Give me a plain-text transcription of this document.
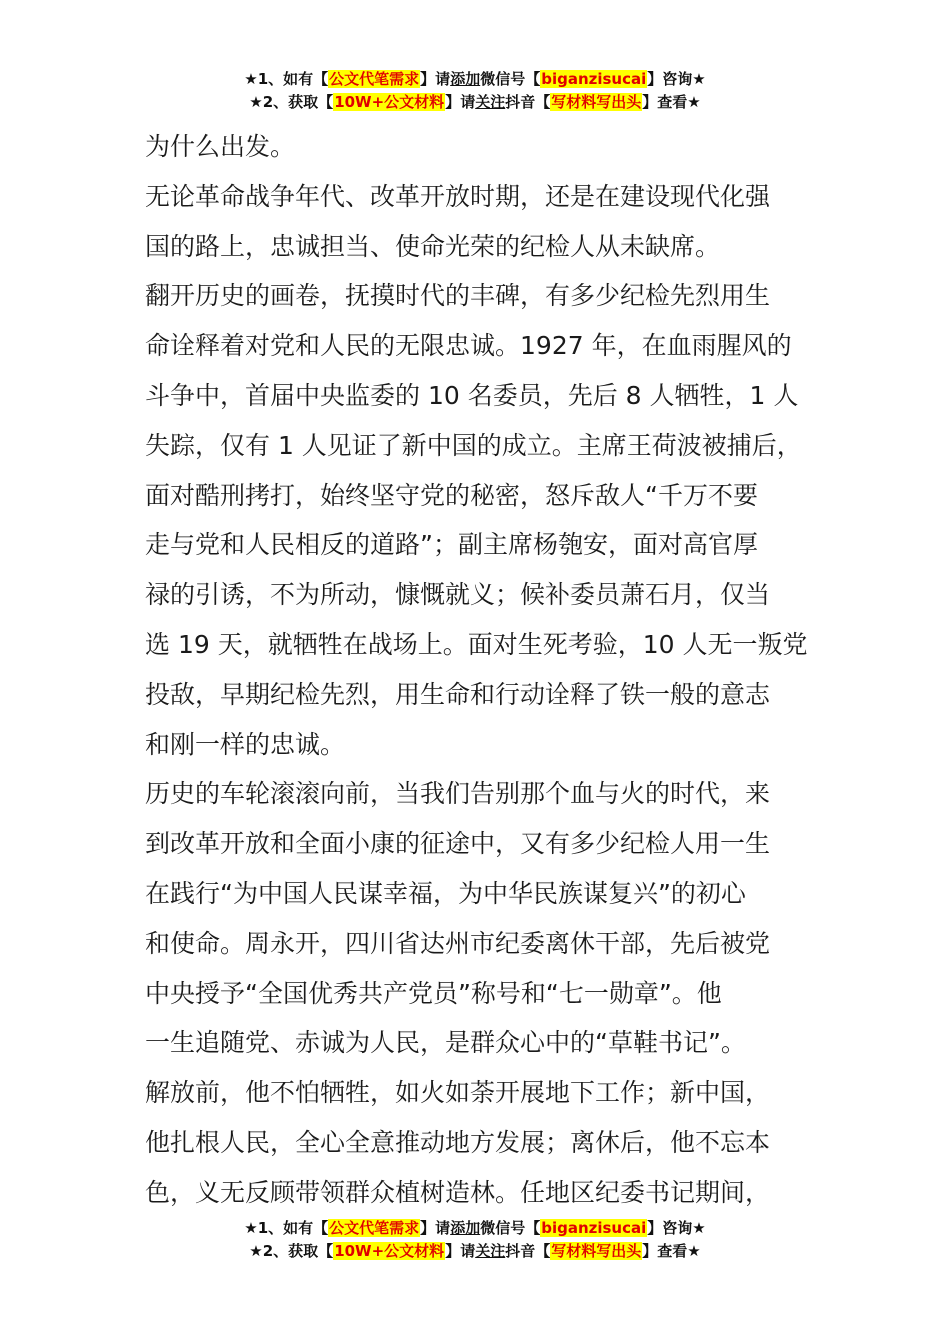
★1、如有【公文代笔需求】请添加微信号【biganzisucai】咨询★
★2、获取【10W+公文材料】请关注抖音【写材料写出头】查看★

为什么出发。

无论革命战争年代、改革开放时期，还是在建设现代化强

国的路上，忠诚担当、使命光荣的纪检人从未缺席。

翻开历史的画卷，抚摸时代的丰碑，有多少纪检先烈用生

命诠释着对党和人民的无限忠诚。1927 年，在血雨腥风的

斗争中，首届中央监委的 10 名委员，先后 8 人牺牲，1 人

失踪，仅有 1 人见证了新中国的成立。主席王荷波被捕后，

面对酷刑拷打，始终坚守党的秘密，怒斥敌人“千万不要

走与党和人民相反的道路”；副主席杨匏安，面对高官厚

禄的引诱，不为所动，慷慨就义；候补委员萧石月，仅当

选 19 天，就牺牲在战场上。面对生死考验，10 人无一叛党

投敌，早期纪检先烈，用生命和行动诠释了铁一般的意志

和刚一样的忠诚。

历史的车轮滚滚向前，当我们告别那个血与火的时代，来

到改革开放和全面小康的征途中，又有多少纪检人用一生

在践行“为中国人民谋幸福，为中华民族谋复兴”的初心

和使命。周永开，四川省达州市纪委离休干部，先后被党

中央授予“全国优秀共产党员”称号和“七一勋章”。他

一生追随党、赤诚为人民，是群众心中的“草鞋书记”。

解放前，他不怕牺牲，如火如荼开展地下工作；新中国，

他扎根人民，全心全意推动地方发展；离休后，他不忘本

色，义无反顾带领群众植树造林。任地区纪委书记期间，

★1、如有【公文代笔需求】请添加微信号【biganzisucai】咨询★
★2、获取【10W+公文材料】请关注抖音【写材料写出头】查看★
